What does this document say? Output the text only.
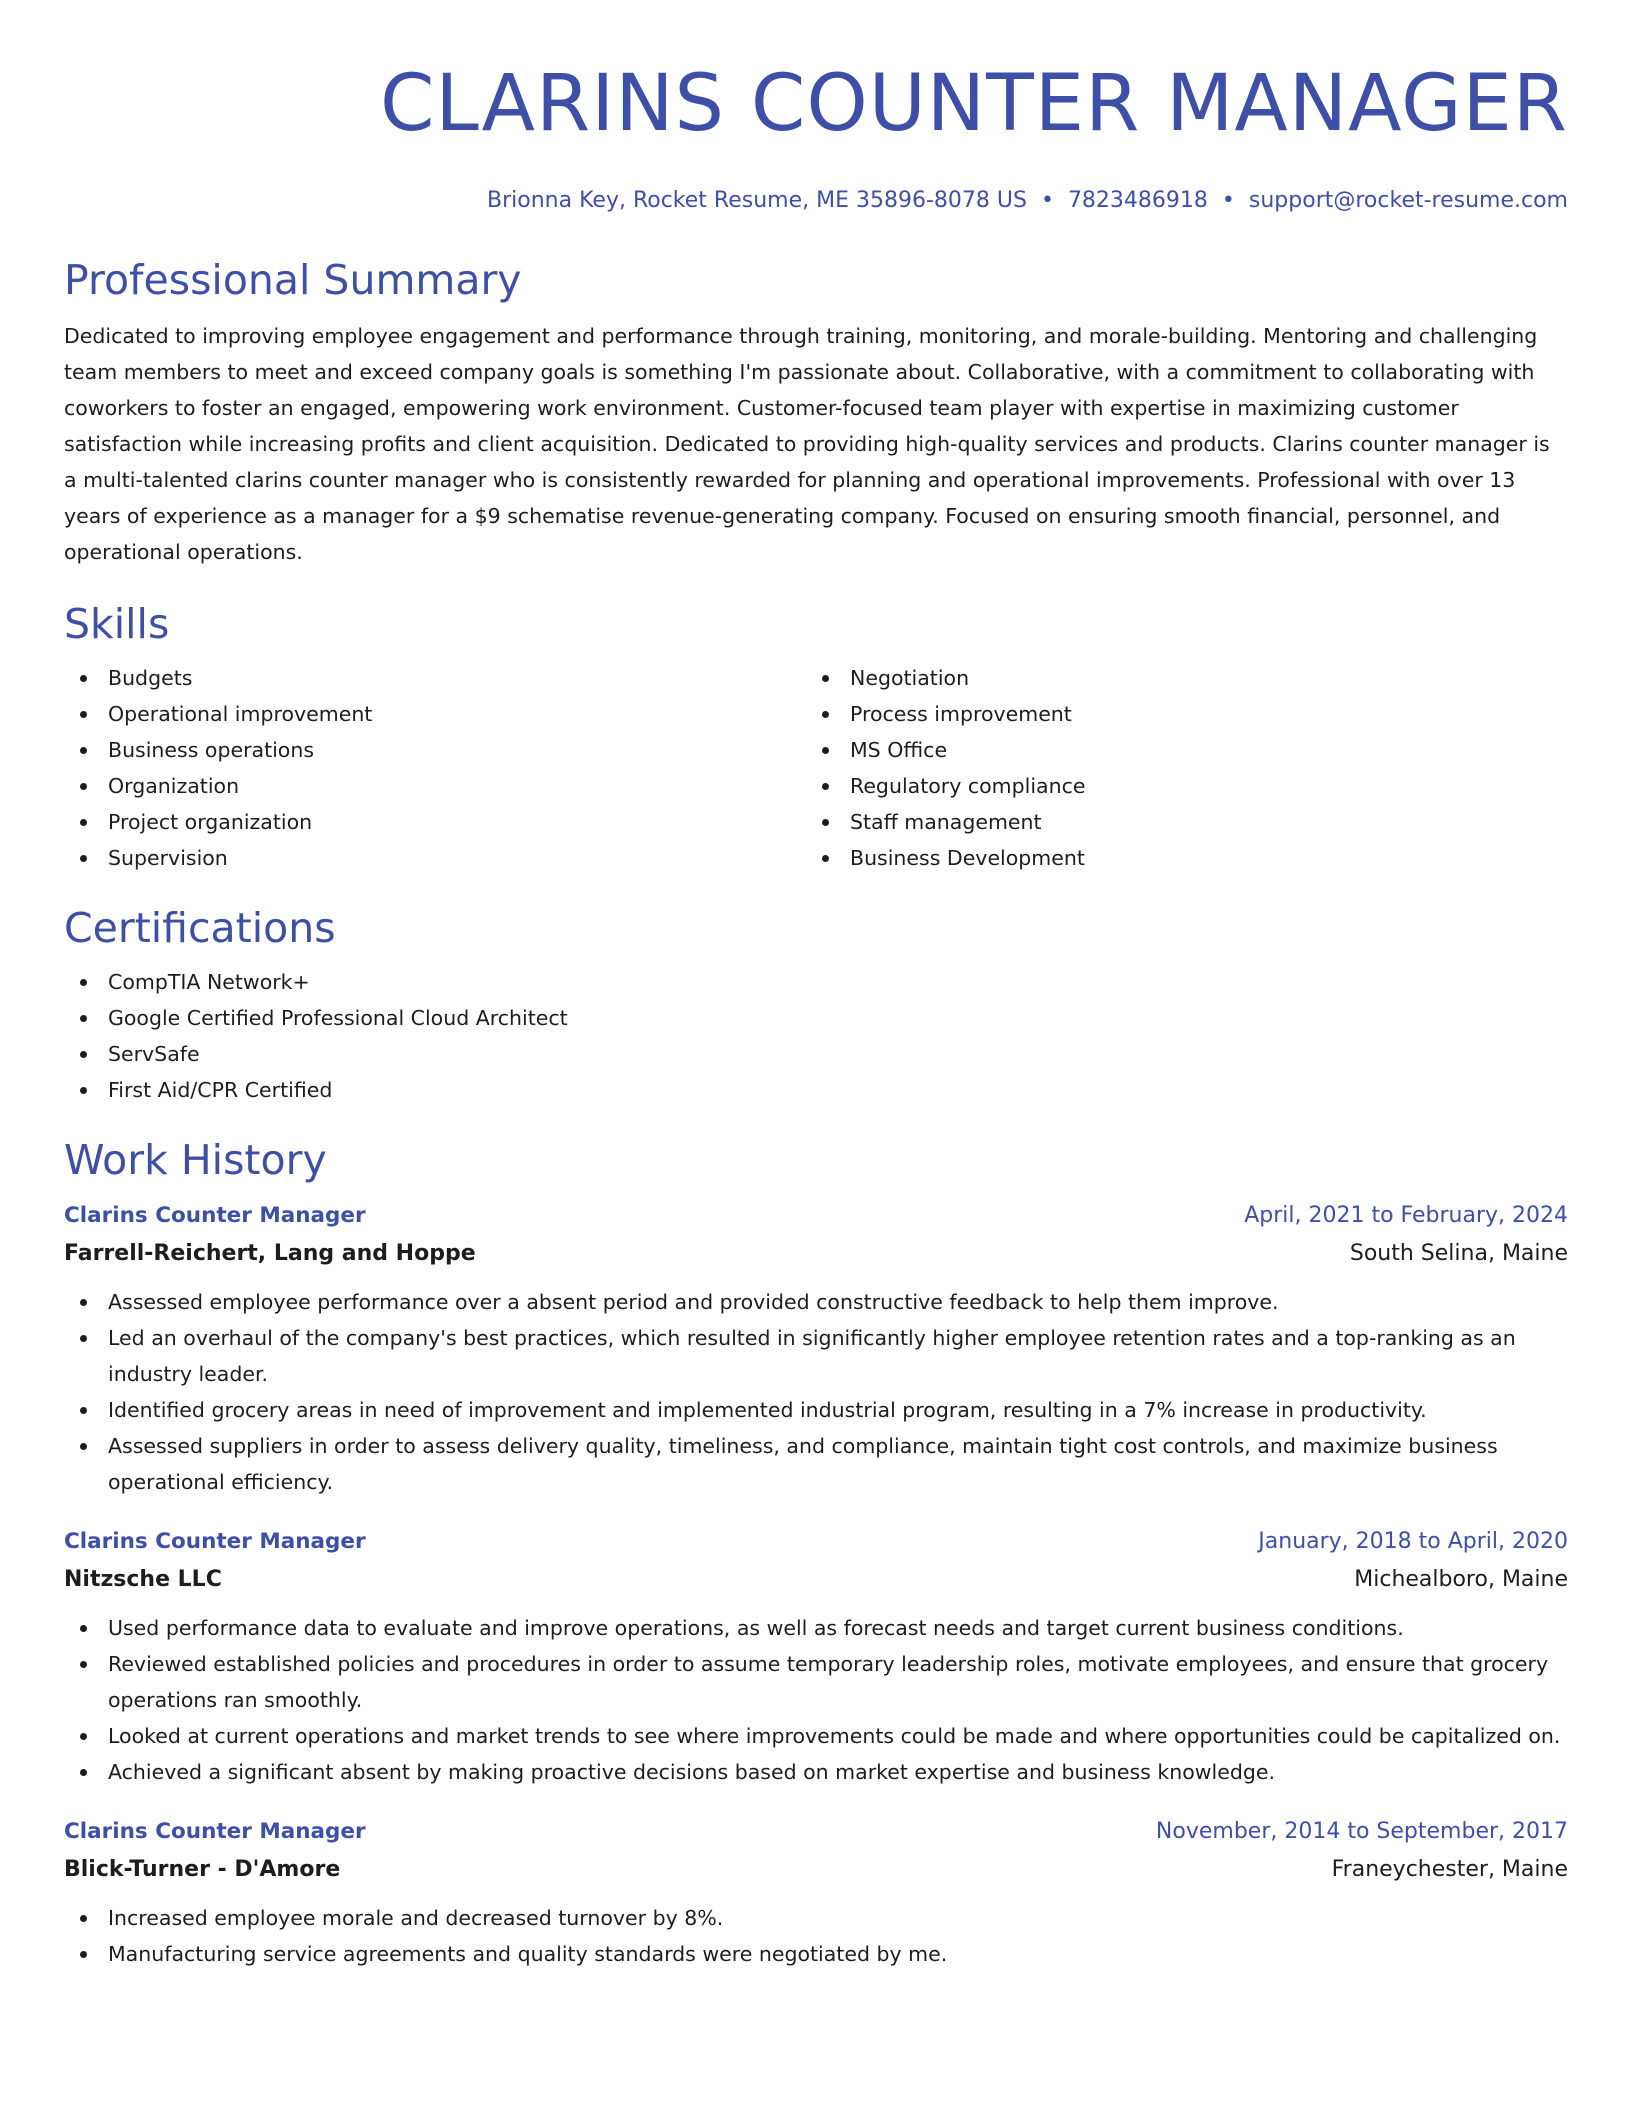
CLARINS COUNTER MANAGER
Brionna Key, Rocket Resume, ME 35896-8078 US • 7823486918 • support@rocket-resume.com
Professional Summary

Dedicated to improving employee engagement and performance through training, monitoring, and morale-building. Mentoring and challenging team members to meet and exceed company goals is something I'm passionate about. Collaborative, with a commitment to collaborating with coworkers to foster an engaged, empowering work environment. Customer-focused team player with expertise in maximizing customer satisfaction while increasing profits and client acquisition. Dedicated to providing high-quality services and products. Clarins counter manager is a multi-talented clarins counter manager who is consistently rewarded for planning and operational improvements. Professional with over 13 years of experience as a manager for a $9 schematise revenue-generating company. Focused on ensuring smooth financial, personnel, and operational operations.

Skills
Budgets
Operational improvement
Business operations
Organization
Project organization
Supervision
Negotiation
Process improvement
MS Office
Regulatory compliance
Staff management
Business Development
Certifications
CompTIA Network+
Google Certified Professional Cloud Architect
ServSafe
First Aid/CPR Certified
Work History
Clarins Counter Manager	April, 2021 to February, 2024
Farrell-Reichert, Lang and Hoppe	South Selina, Maine
Assessed employee performance over a absent period and provided constructive feedback to help them improve.
Led an overhaul of the company's best practices, which resulted in significantly higher employee retention rates and a top-ranking as an industry leader.
Identified grocery areas in need of improvement and implemented industrial program, resulting in a 7% increase in productivity.
Assessed suppliers in order to assess delivery quality, timeliness, and compliance, maintain tight cost controls, and maximize business operational efficiency.
Clarins Counter Manager	January, 2018 to April, 2020
Nitzsche LLC	Michealboro, Maine
Used performance data to evaluate and improve operations, as well as forecast needs and target current business conditions.
Reviewed established policies and procedures in order to assume temporary leadership roles, motivate employees, and ensure that grocery operations ran smoothly.
Looked at current operations and market trends to see where improvements could be made and where opportunities could be capitalized on.
Achieved a significant absent by making proactive decisions based on market expertise and business knowledge.
Clarins Counter Manager	November, 2014 to September, 2017
Blick-Turner - D'Amore	Franeychester, Maine
Increased employee morale and decreased turnover by 8%.
Manufacturing service agreements and quality standards were negotiated by me.
